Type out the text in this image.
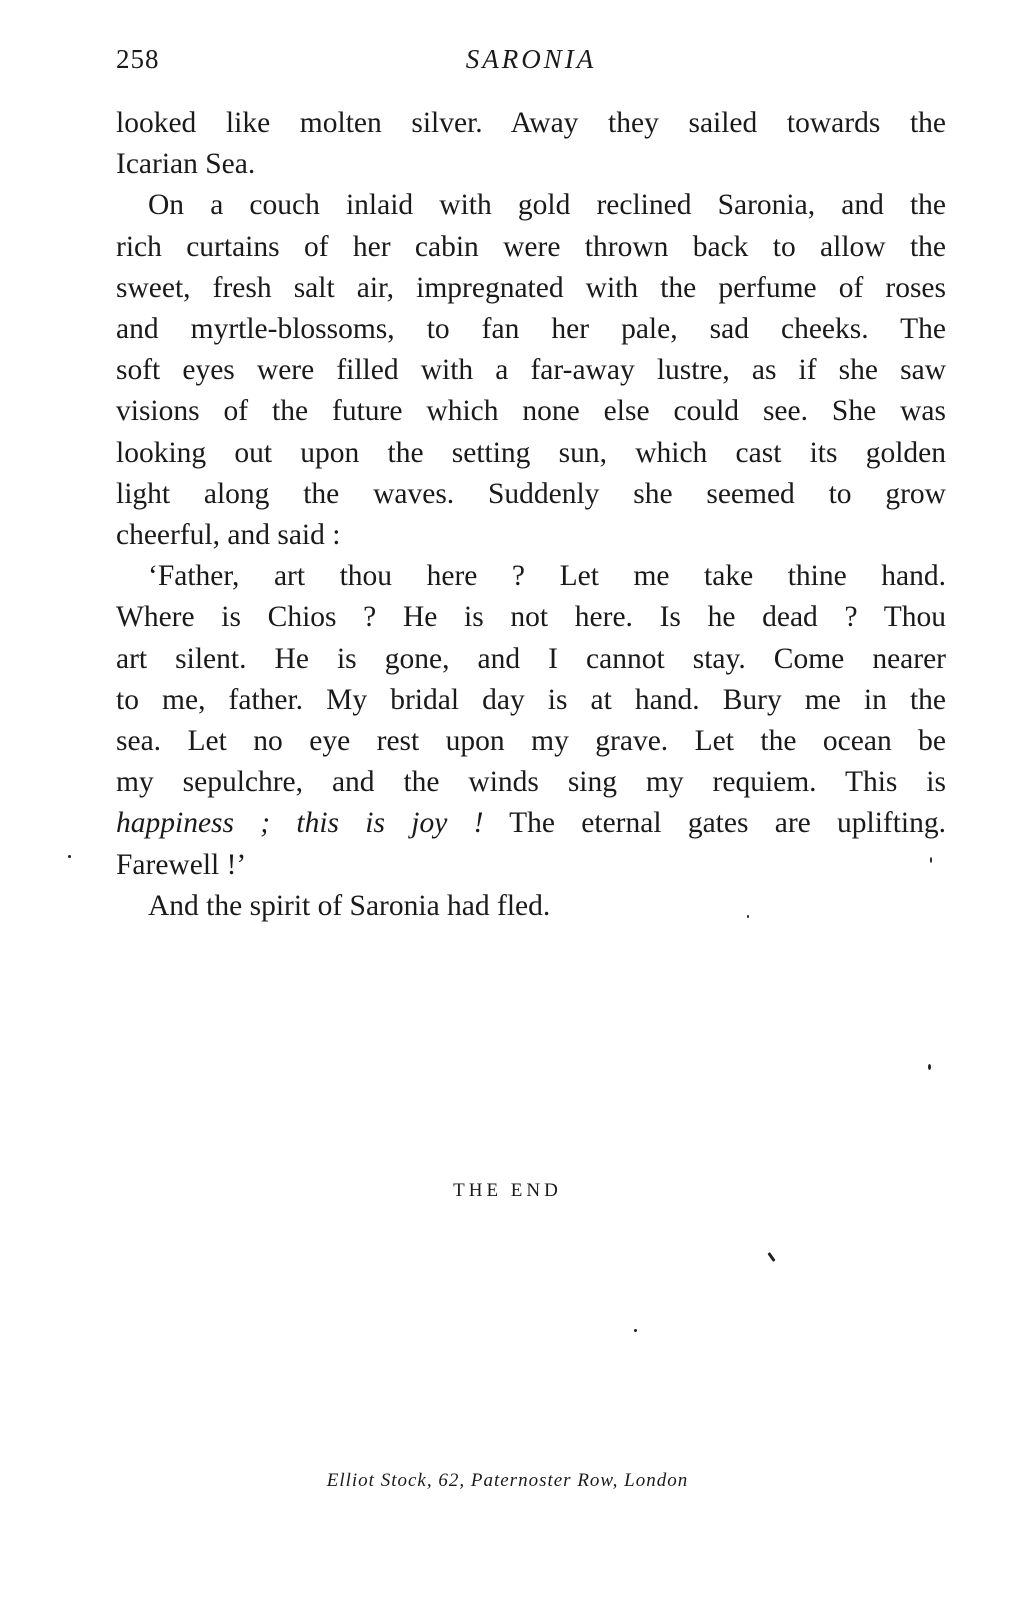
258	SARONIA

looked like molten silver. Away they sailed towards the
Icarian Sea.

On a couch inlaid with gold reclined Saronia, and the
rich curtains of her cabin were thrown back to allow the
sweet, fresh salt air, impregnated with the perfume of roses
and myrtle-blossoms, to fan her pale, sad cheeks. The
soft eyes were filled with a far-away lustre, as if she saw
visions of the future which none else could see. She was
looking out upon the setting sun, which cast its golden
light along the waves. Suddenly she seemed to grow
cheerful, and said :

‘Father, art thou here ? Let me take thine hand.
Where is Chios ? He is not here. Is he dead ? Thou
art silent. He is gone, and I cannot stay. Come nearer
to me, father. My bridal day is at hand. Bury me in the
sea. Let no eye rest upon my grave. Let the ocean be
my sepulchre, and the winds sing my requiem. This is
happiness ; this is joy ! The eternal gates are uplifting.
Farewell !’

And the spirit of Saronia had fled.

THE END
Elliot Stock, 62, Paternoster Row, London
